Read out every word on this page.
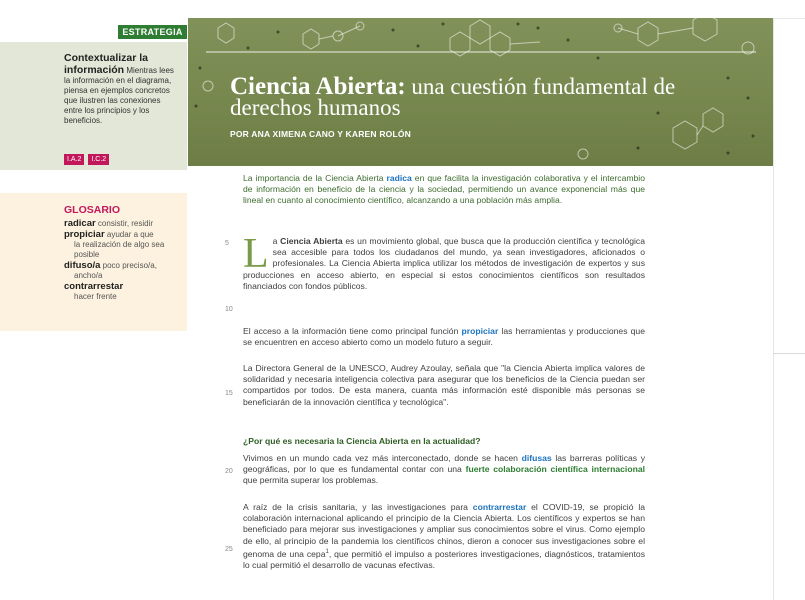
ESTRATEGIA
Contextualizar la información Mientras lees la información en el diagrama, piensa en ejemplos concretos que ilustren las conexiones entre los principios y los beneficios.
I.A.2	I.C.2
GLOSARIO
radicar consistir, residir
propiciar ayudar a que
la realización de algo sea posible
difuso/a poco preciso/a,
ancho/a
contrarrestar
hacer frente
Ciencia Abierta: una cuestión fundamental de derechos humanos
POR ANA XIMENA CANO Y KAREN ROLÓN
5
10
15
20
25
La importancia de la Ciencia Abierta radica en que facilita la investigación colaborativa y el intercambio de información en beneficio de la ciencia y la sociedad, permitiendo un avance exponencial más que lineal en cuanto al conocimiento científico, alcanzando a una población más amplia.
La Ciencia Abierta es un movimiento global, que busca que la producción científica y tecnológica sea accesible para todos los ciudadanos del mundo, ya sean investigadores, aficionados o profesionales. La Ciencia Abierta implica utilizar los métodos de investigación de expertos y sus producciones en acceso abierto, en especial si estos conocimientos científicos son resultados financiados con fondos públicos.
El acceso a la información tiene como principal función propiciar las herramientas y producciones que se encuentren en acceso abierto como un modelo futuro a seguir.
La Directora General de la UNESCO, Audrey Azoulay, señala que "la Ciencia Abierta implica valores de solidaridad y necesaria inteligencia colectiva para asegurar que los beneficios de la Ciencia puedan ser compartidos por todos. De esta manera, cuanta más información esté disponible más personas se beneficiarán de la innovación científica y tecnológica".
¿Por qué es necesaria la Ciencia Abierta en la actualidad?
Vivimos en un mundo cada vez más interconectado, donde se hacen difusas las barreras políticas y geográficas, por lo que es fundamental contar con una fuerte colaboración científica internacional que permita superar los problemas.
A raíz de la crisis sanitaria, y las investigaciones para contrarrestar el COVID-19, se propició la colaboración internacional aplicando el principio de la Ciencia Abierta. Los científicos y expertos se han beneficiado para mejorar sus investigaciones y ampliar sus conocimientos sobre el virus. Como ejemplo de ello, al principio de la pandemia los científicos chinos, dieron a conocer sus investigaciones sobre el genoma de una cepa$^1$, que permitió el impulso a posteriores investigaciones, diagnósticos, tratamientos lo cual permitió el desarrollo de vacunas efectivas.
